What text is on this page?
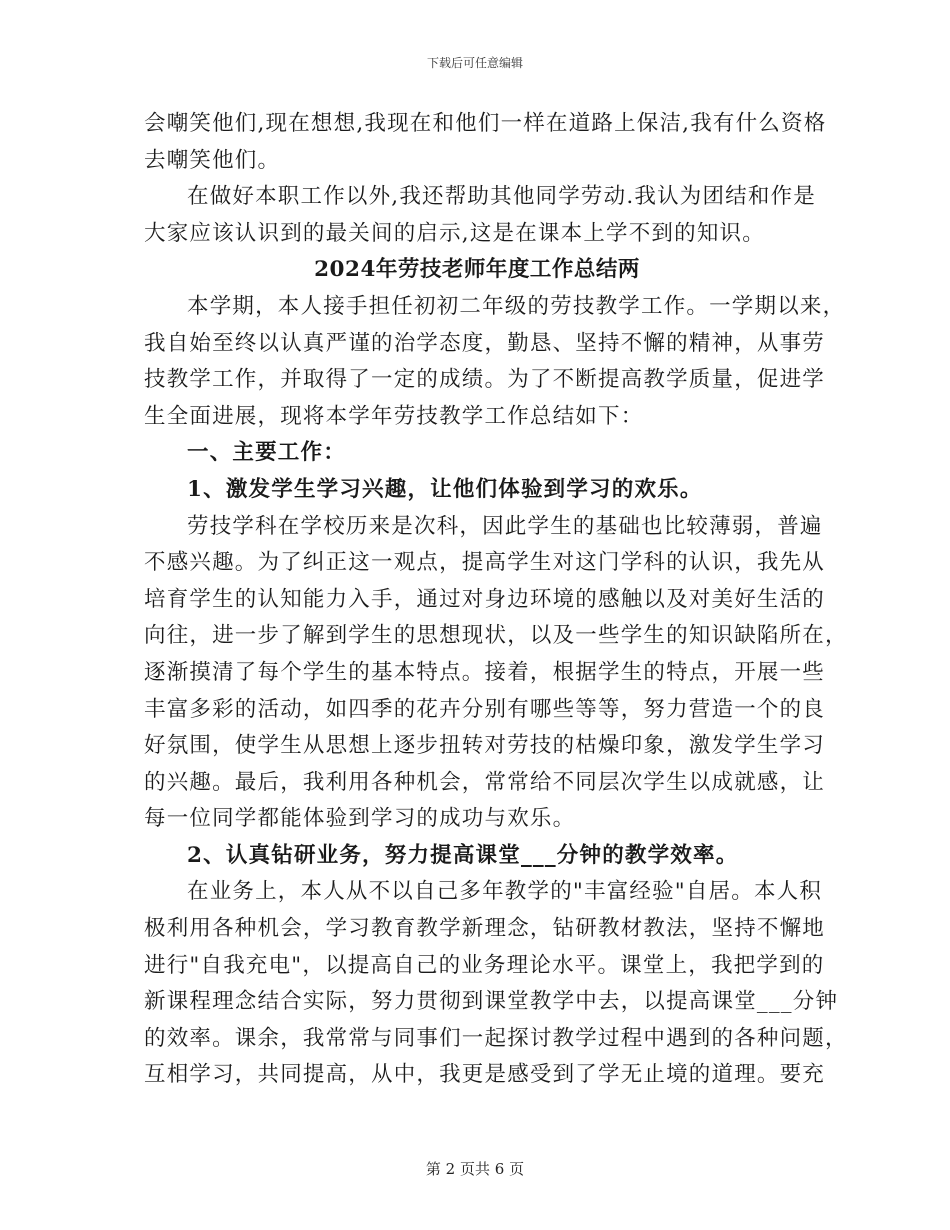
下载后可任意编辑
会嘲笑他们,现在想想,我现在和他们一样在道路上保洁,我有什么资格
去嘲笑他们。
在做好本职工作以外,我还帮助其他同学劳动.我认为团结和作是
大家应该认识到的最关间的启示,这是在课本上学不到的知识。
2024年劳技老师年度工作总结两
本学期，本人接手担任初初二年级的劳技教学工作。一学期以来，
我自始至终以认真严谨的治学态度，勤恳、坚持不懈的精神，从事劳
技教学工作，并取得了一定的成绩。为了不断提高教学质量，促进学
生全面进展，现将本学年劳技教学工作总结如下：
一、主要工作：
1、激发学生学习兴趣，让他们体验到学习的欢乐。
劳技学科在学校历来是次科，因此学生的基础也比较薄弱，普遍
不感兴趣。为了纠正这一观点，提高学生对这门学科的认识，我先从
培育学生的认知能力入手，通过对身边环境的感触以及对美好生活的
向往，进一步了解到学生的思想现状，以及一些学生的知识缺陷所在，
逐渐摸清了每个学生的基本特点。接着，根据学生的特点，开展一些
丰富多彩的活动，如四季的花卉分别有哪些等等，努力营造一个的良
好氛围，使学生从思想上逐步扭转对劳技的枯燥印象，激发学生学习
的兴趣。最后，我利用各种机会，常常给不同层次学生以成就感，让
每一位同学都能体验到学习的成功与欢乐。
2、认真钻研业务，努力提高课堂___分钟的教学效率。
在业务上，本人从不以自己多年教学的"丰富经验"自居。本人积
极利用各种机会，学习教育教学新理念，钻研教材教法，坚持不懈地
进行"自我充电"，以提高自己的业务理论水平。课堂上，我把学到的
新课程理念结合实际，努力贯彻到课堂教学中去，以提高课堂___分钟
的效率。课余，我常常与同事们一起探讨教学过程中遇到的各种问题，
互相学习，共同提高，从中，我更是感受到了学无止境的道理。要充
第 2 页共 6 页
